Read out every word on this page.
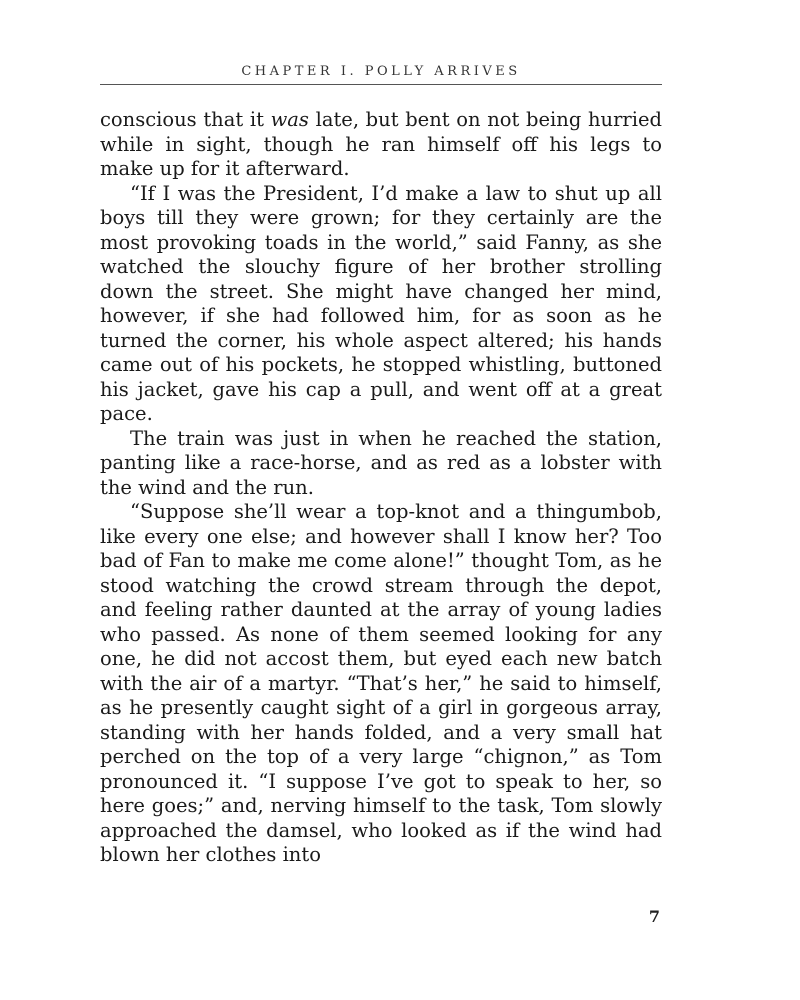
CHAPTER I. POLLY ARRIVES

conscious that it was late, but bent on not being hurried while in sight, though he ran himself off his legs to make up for it afterward.

“If I was the President, I’d make a law to shut up all boys till they were grown; for they certainly are the most provoking toads in the world,” said Fanny, as she watched the slouchy figure of her brother strolling down the street. She might have changed her mind, however, if she had followed him, for as soon as he turned the corner, his whole aspect altered; his hands came out of his pockets, he stopped whistling, buttoned his jacket, gave his cap a pull, and went off at a great pace.

The train was just in when he reached the station, panting like a race-horse, and as red as a lobster with the wind and the run.

“Suppose she’ll wear a top-knot and a thingumbob, like every one else; and however shall I know her? Too bad of Fan to make me come alone!” thought Tom, as he stood watching the crowd stream through the depot, and feeling rather daunted at the array of young ladies who passed. As none of them seemed looking for any one, he did not accost them, but eyed each new batch with the air of a martyr. “That’s her,” he said to himself, as he presently caught sight of a girl in gorgeous array, standing with her hands folded, and a very small hat perched on the top of a very large “chignon,” as Tom pronounced it. “I suppose I’ve got to speak to her, so here goes;” and, nerving himself to the task, Tom slowly approached the damsel, who looked as if the wind had blown her clothes into

7
